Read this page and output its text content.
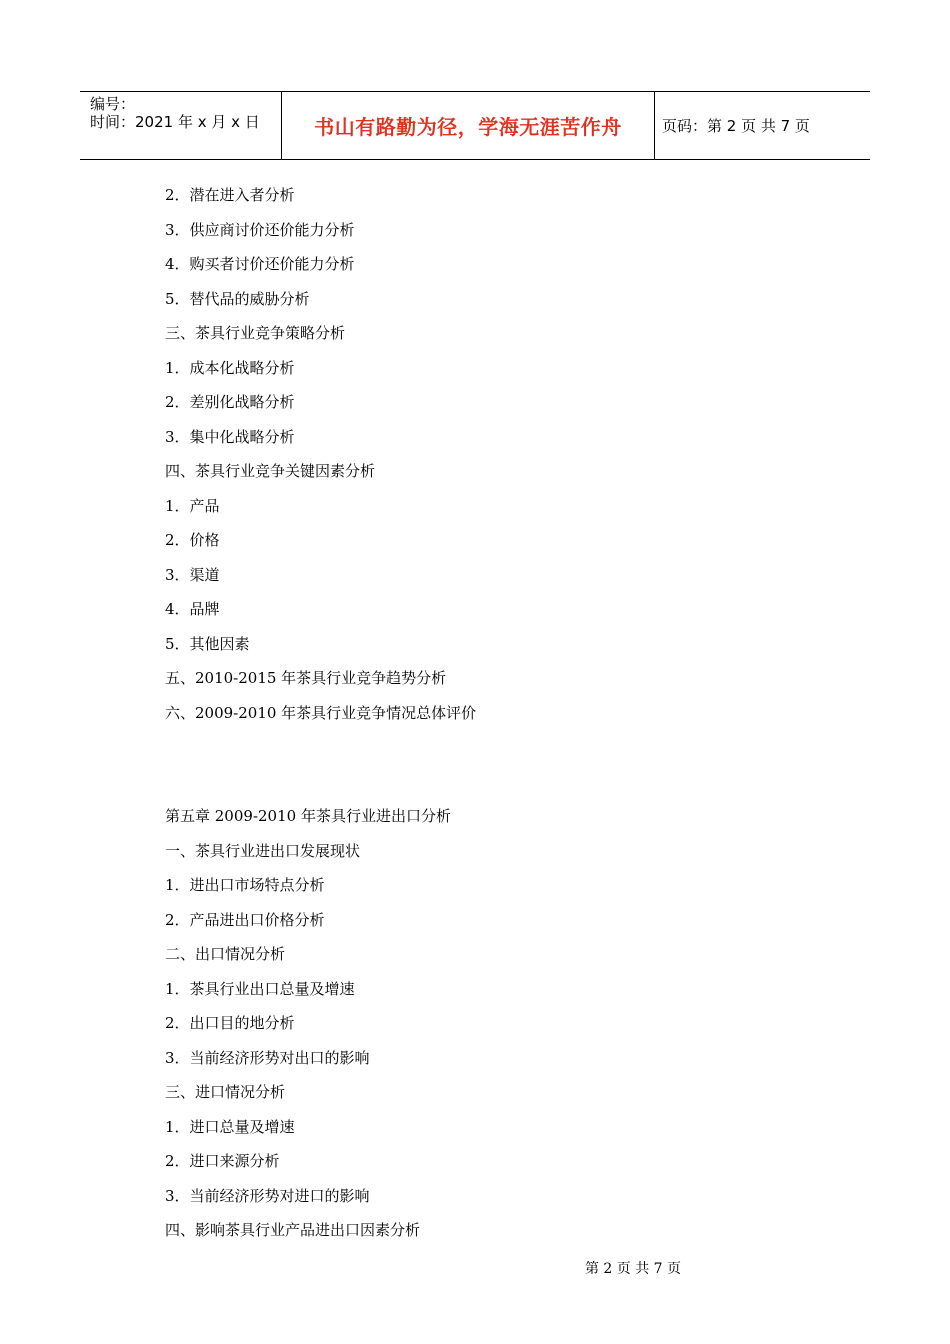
编号：
时间：2021 年 x 月 x 日	书山有路勤为径，学海无涯苦作舟	页码：第 2 页 共 7 页
2．潜在进入者分析
3．供应商讨价还价能力分析
4．购买者讨价还价能力分析
5．替代品的威胁分析
三、茶具行业竞争策略分析
1．成本化战略分析
2．差别化战略分析
3．集中化战略分析
四、茶具行业竞争关键因素分析
1．产品
2．价格
3．渠道
4．品牌
5．其他因素
五、2010-2015 年茶具行业竞争趋势分析
六、2009-2010 年茶具行业竞争情况总体评价
第五章 2009-2010 年茶具行业进出口分析
一、茶具行业进出口发展现状
1．进出口市场特点分析
2．产品进出口价格分析
二、出口情况分析
1．茶具行业出口总量及增速
2．出口目的地分析
3．当前经济形势对出口的影响
三、进口情况分析
1．进口总量及增速
2．进口来源分析
3．当前经济形势对进口的影响
四、影响茶具行业产品进出口因素分析
第 2 页 共 7 页
